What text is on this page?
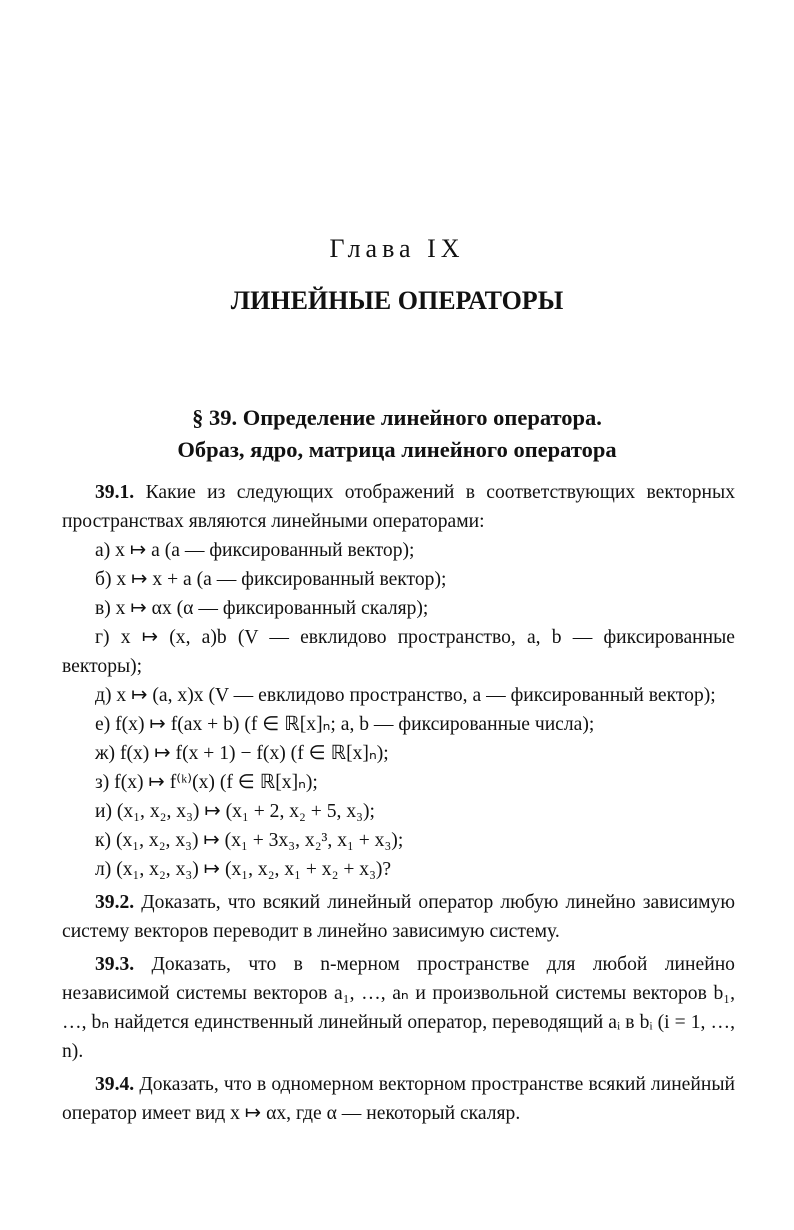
Глава IX
ЛИНЕЙНЫЕ ОПЕРАТОРЫ
§ 39. Определение линейного оператора.
Образ, ядро, матрица линейного оператора

39.1. Какие из следующих отображений в соответствующих векторных пространствах являются линейными операторами:

а) x ↦ a (a — фиксированный вектор);

б) x ↦ x + a (a — фиксированный вектор);

в) x ↦ αx (α — фиксированный скаляр);

г) x ↦ (x, a)b (V — евклидово пространство, a, b — фиксированные векторы);

д) x ↦ (a, x)x (V — евклидово пространство, a — фиксированный вектор);

е) f(x) ↦ f(ax + b) (f ∈ ℝ[x]ₙ; a, b — фиксированные числа);

ж) f(x) ↦ f(x + 1) − f(x) (f ∈ ℝ[x]ₙ);

з) f(x) ↦ f⁽ᵏ⁾(x) (f ∈ ℝ[x]ₙ);

и) (x₁, x₂, x₃) ↦ (x₁ + 2, x₂ + 5, x₃);

к) (x₁, x₂, x₃) ↦ (x₁ + 3x₃, x₂³, x₁ + x₃);

л) (x₁, x₂, x₃) ↦ (x₁, x₂, x₁ + x₂ + x₃)?

39.2. Доказать, что всякий линейный оператор любую линейно зависимую систему векторов переводит в линейно зависимую систему.

39.3. Доказать, что в n-мерном пространстве для любой линейно независимой системы векторов a₁, …, aₙ и произвольной системы векторов b₁, …, bₙ найдется единственный линейный оператор, переводящий aᵢ в bᵢ (i = 1, …, n).

39.4. Доказать, что в одномерном векторном пространстве всякий линейный оператор имеет вид x ↦ αx, где α — некоторый скаляр.
